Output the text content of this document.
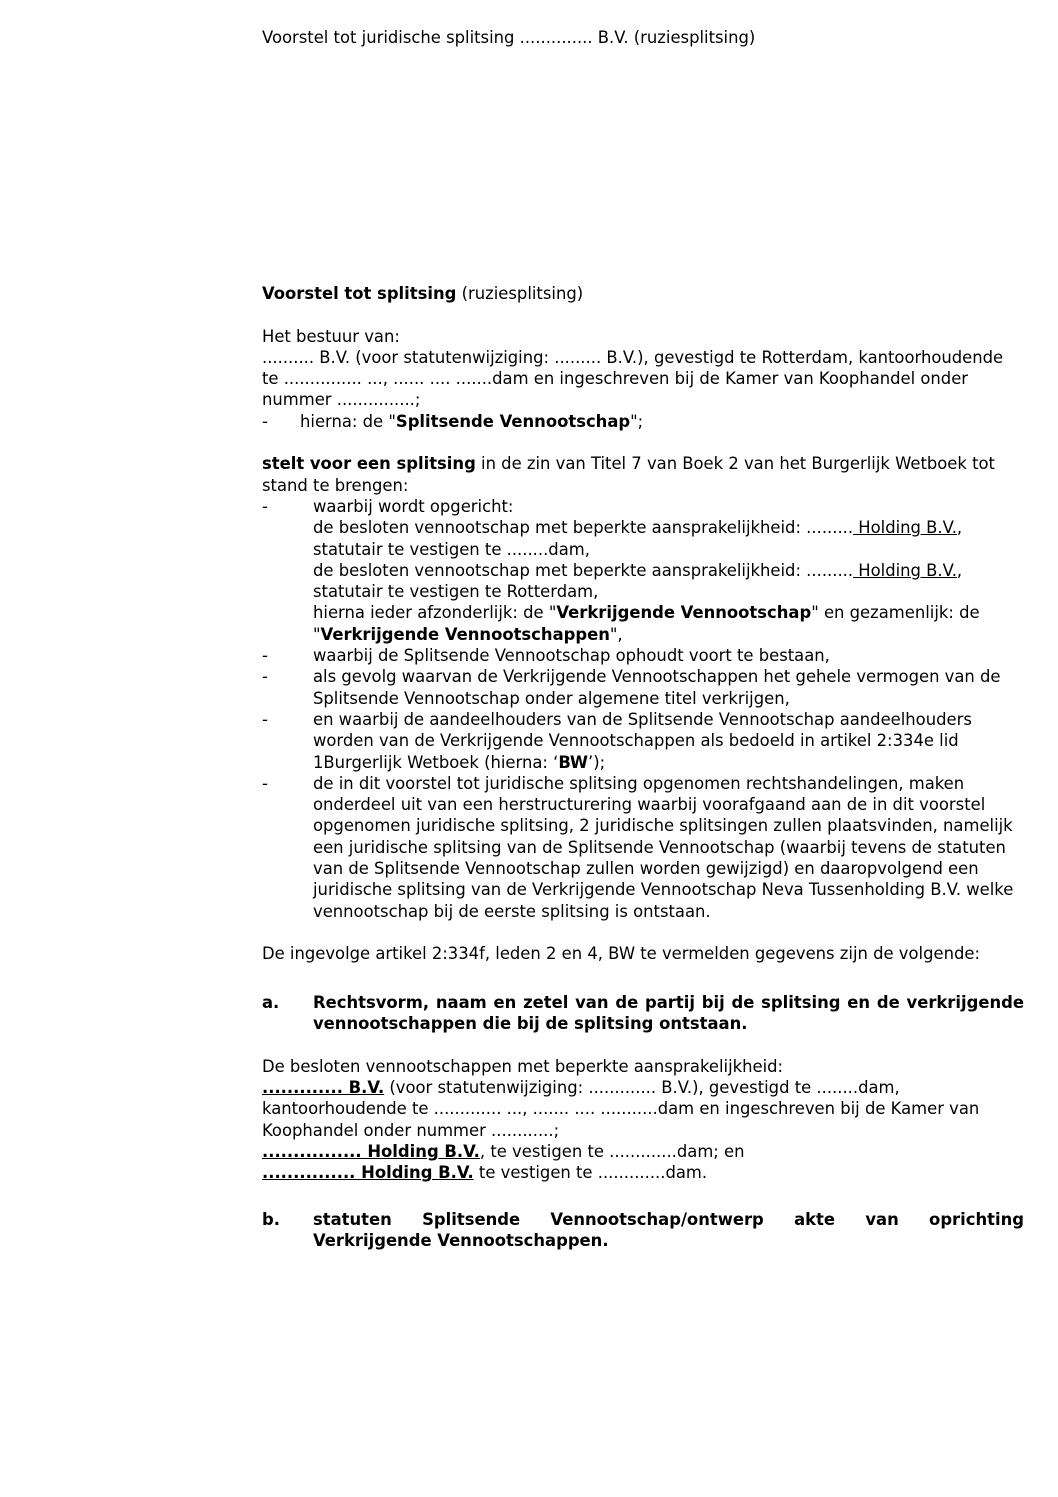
Voorstel tot juridische splitsing .............. B.V. (ruziesplitsing)

Voorstel tot splitsing (ruziesplitsing)

Het bestuur van:

.......... B.V. (voor statutenwijziging: ......... B.V.), gevestigd te Rotterdam, kantoorhoudende te ............... ..., ...... .... .......dam en ingeschreven bij de Kamer van Koophandel onder nummer ...............;

- hierna: de "Splitsende Vennootschap";

stelt voor een splitsing in de zin van Titel 7 van Boek 2 van het Burgerlijk Wetboek tot stand te brengen:

-	waarbij wordt opgericht:
de besloten vennootschap met beperkte aansprakelijkheid: ......... Holding B.V., statutair te vestigen te ........dam,
de besloten vennootschap met beperkte aansprakelijkheid: ......... Holding B.V., statutair te vestigen te Rotterdam,
hierna ieder afzonderlijk: de "Verkrijgende Vennootschap" en gezamenlijk: de "Verkrijgende Vennootschappen",
-	waarbij de Splitsende Vennootschap ophoudt voort te bestaan,
-	als gevolg waarvan de Verkrijgende Vennootschappen het gehele vermogen van de Splitsende Vennootschap onder algemene titel verkrijgen,
-	en waarbij de aandeelhouders van de Splitsende Vennootschap aandeelhouders worden van de Verkrijgende Vennootschappen als bedoeld in artikel 2:334e lid 1Burgerlijk Wetboek (hierna: ‘BW’);
-	de in dit voorstel tot juridische splitsing opgenomen rechtshandelingen, maken onderdeel uit van een herstructurering waarbij voorafgaand aan de in dit voorstel opgenomen juridische splitsing, 2 juridische splitsingen zullen plaatsvinden, namelijk een juridische splitsing van de Splitsende Vennootschap (waarbij tevens de statuten van de Splitsende Vennootschap zullen worden gewijzigd) en daaropvolgend een juridische splitsing van de Verkrijgende Vennootschap Neva Tussenholding B.V. welke vennootschap bij de eerste splitsing is ontstaan.

De ingevolge artikel 2:334f, leden 2 en 4, BW te vermelden gegevens zijn de volgende:

a. Rechtsvorm, naam en zetel van de partij bij de splitsing en de verkrijgende vennootschappen die bij de splitsing ontstaan.

De besloten vennootschappen met beperkte aansprakelijkheid:

............. B.V. (voor statutenwijziging: ............. B.V.), gevestigd te ........dam, kantoorhoudende te ............. ..., ....... .... ...........dam en ingeschreven bij de Kamer van Koophandel onder nummer ............;

................ Holding B.V., te vestigen te .............dam; en

............... Holding B.V. te vestigen te .............dam.

b. statuten Splitsende Vennootschap/ontwerp akte van oprichting Verkrijgende Vennootschappen.
